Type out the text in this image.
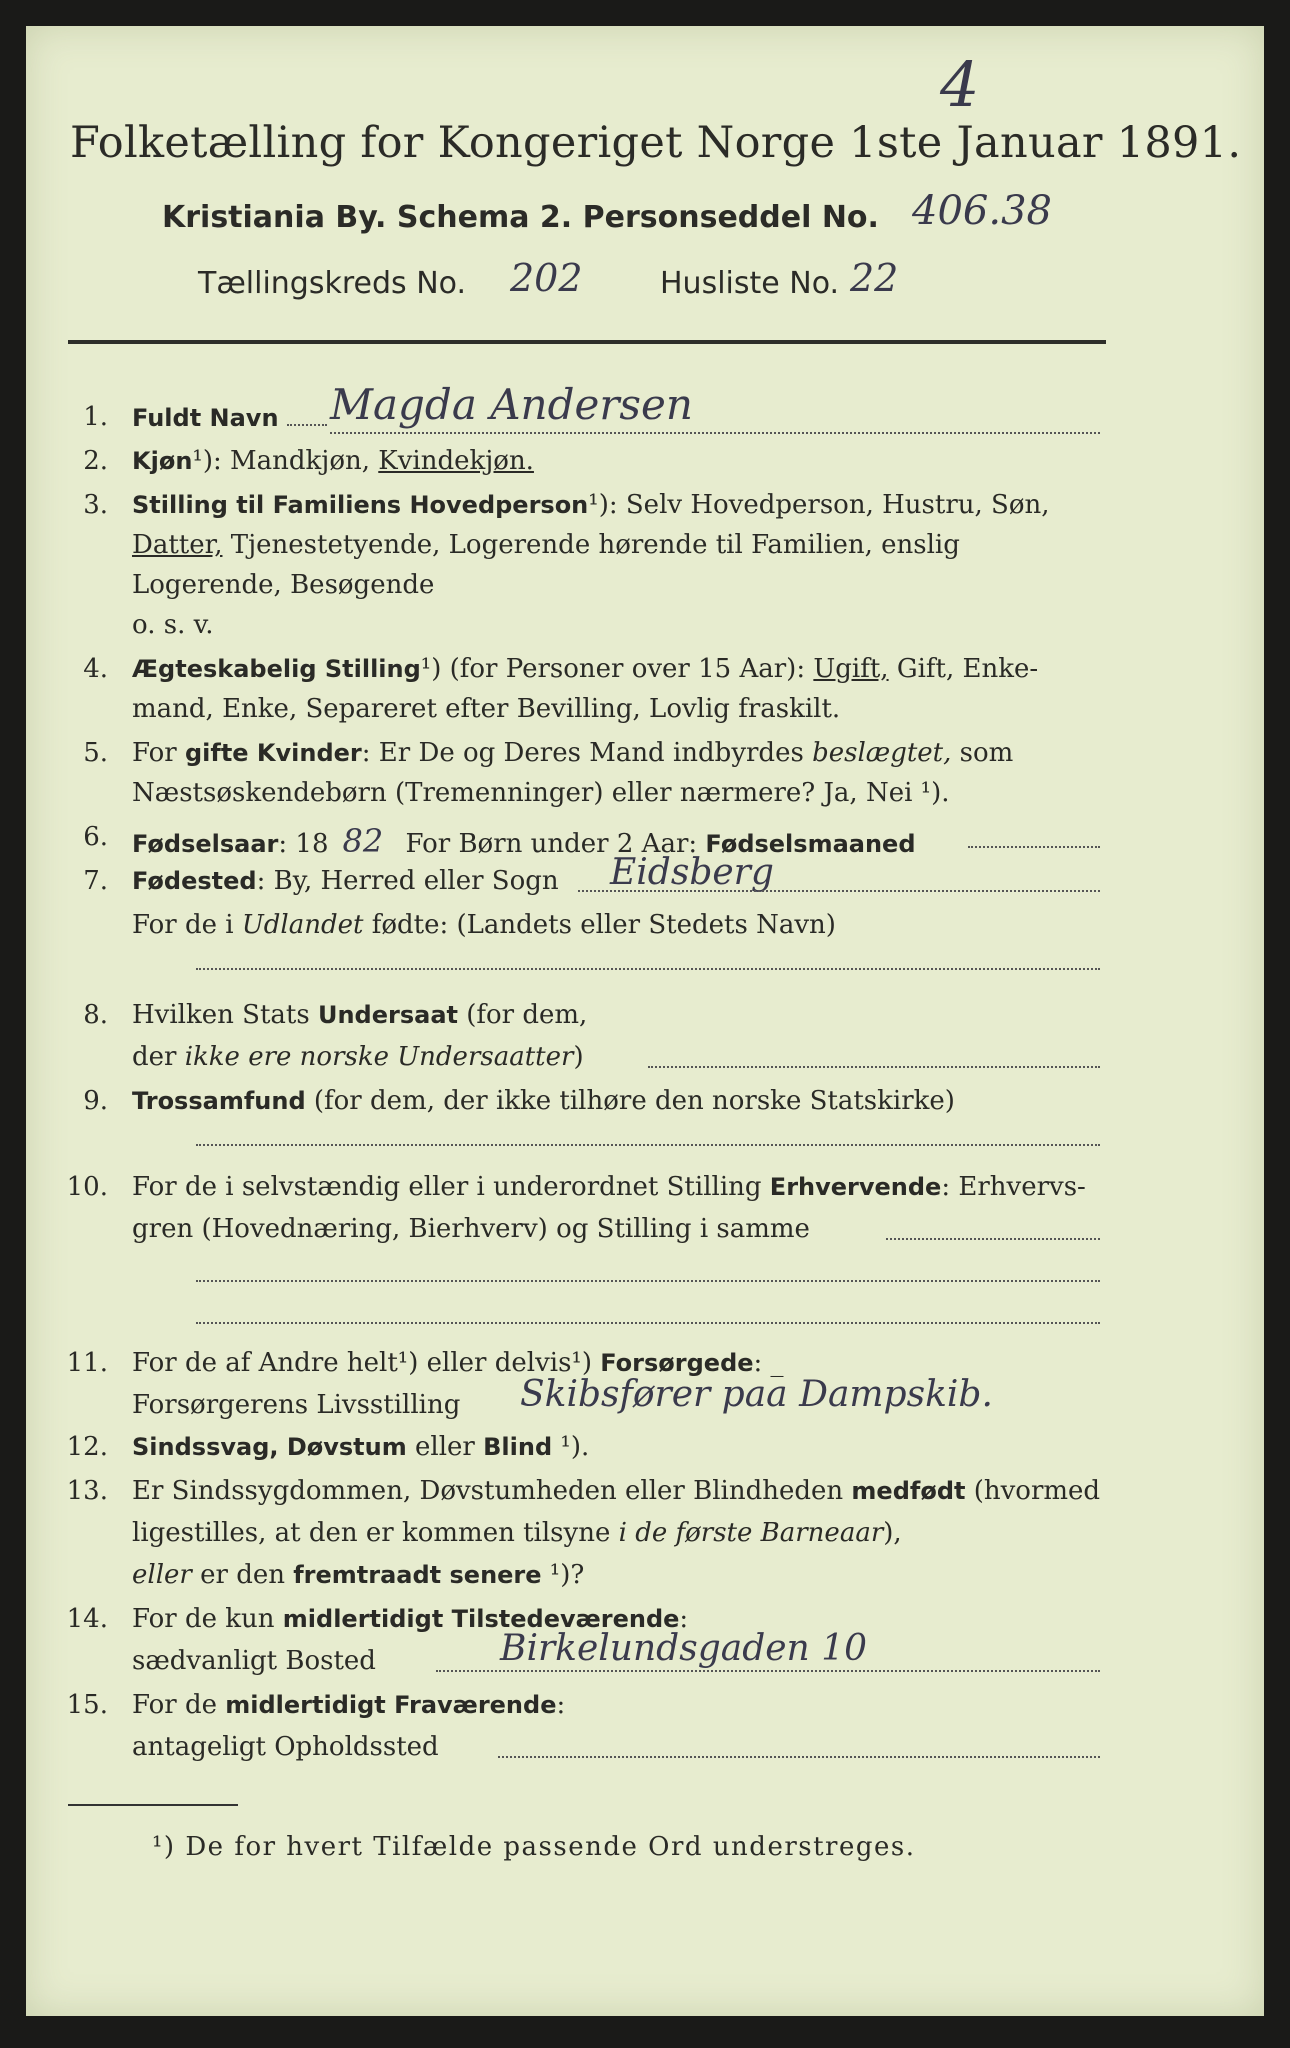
4
Folketælling for Kongeriget Norge 1ste Januar 1891.
Kristiania By. Schema 2. Personseddel No. 406.38
Tællingskreds No. 202	Husliste No. 22
1. Fuldt Navn	Magda Andersen
2. Kjøn¹): Mandkjøn, Kvindekjøn.
3. Stilling til Familiens Hovedperson¹): Selv Hovedperson, Hustru, Søn,
Datter, Tjenestetyende, Logerende hørende til Familien, enslig
Logerende, Besøgende
o. s. v.
4. Ægteskabelig Stilling¹) (for Personer over 15 Aar): Ugift, Gift, Enke-
mand, Enke, Separeret efter Bevilling, Lovlig fraskilt.
5. For gifte Kvinder: Er De og Deres Mand indbyrdes beslægtet, som
Næstsøskendebørn (Tremenninger) eller nærmere? Ja, Nei ¹).
6. Fødselsaar: 18 82 For Børn under 2 Aar: Fødselsmaaned
7. Fødested: By, Herred eller Sogn Eidsberg
For de i Udlandet fødte: (Landets eller Stedets Navn)
8. Hvilken Stats Undersaat (for dem,
der ikke ere norske Undersaatter)
9. Trossamfund (for dem, der ikke tilhøre den norske Statskirke)
10. For de i selvstændig eller i underordnet Stilling Erhvervende: Erhvervs-
gren (Hovednæring, Bierhverv) og Stilling i samme
11. For de af Andre helt¹) eller delvis¹) Forsørgede: _
Forsørgerens Livsstilling Skibsfører paa Dampskib.
12. Sindssvag, Døvstum eller Blind ¹).
13. Er Sindssygdommen, Døvstumheden eller Blindheden medfødt (hvormed
ligestilles, at den er kommen tilsyne i de første Barneaar),
eller er den fremtraadt senere ¹)?
14. For de kun midlertidigt Tilstedeværende:
sædvanligt Bosted	Birkelundsgaden 10
15. For de midlertidigt Fraværende:
antageligt Opholdssted
¹) De for hvert Tilfælde passende Ord understreges.
